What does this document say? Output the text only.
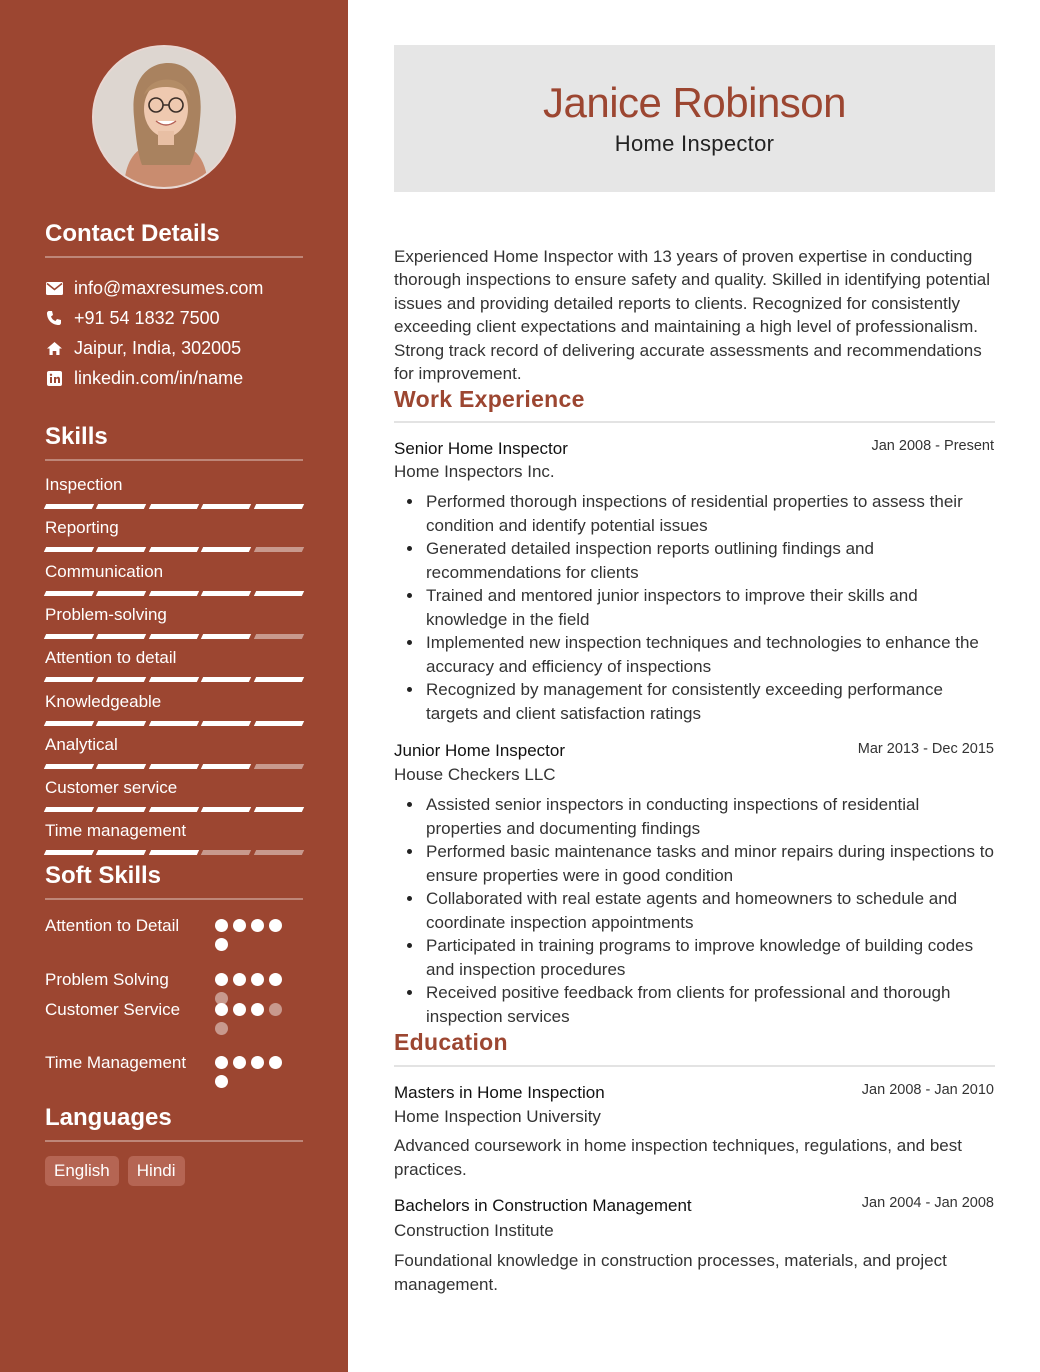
Contact Details
info@maxresumes.com
+91 54 1832 7500
Jaipur, India, 302005
linkedin.com/in/name
Skills
Inspection
Reporting
Communication
Problem-solving
Attention to detail
Knowledgeable
Analytical
Customer service
Time management
Soft Skills
Attention to Detail
Problem Solving
Customer Service
Time Management
Languages
English	Hindi
Janice Robinson
Home Inspector

Experienced Home Inspector with 13 years of proven expertise in conducting thorough inspections to ensure safety and quality. Skilled in identifying potential issues and providing detailed reports to clients. Recognized for consistently exceeding client expectations and maintaining a high level of professionalism. Strong track record of delivering accurate assessments and recommendations for improvement.

Work Experience
Senior Home Inspector	Jan 2008 - Present
Home Inspectors Inc.
Performed thorough inspections of residential properties to assess their condition and identify potential issues
Generated detailed inspection reports outlining findings and recommendations for clients
Trained and mentored junior inspectors to improve their skills and knowledge in the field
Implemented new inspection techniques and technologies to enhance the accuracy and efficiency of inspections
Recognized by management for consistently exceeding performance targets and client satisfaction ratings
Junior Home Inspector	Mar 2013 - Dec 2015
House Checkers LLC
Assisted senior inspectors in conducting inspections of residential properties and documenting findings
Performed basic maintenance tasks and minor repairs during inspections to ensure properties were in good condition
Collaborated with real estate agents and homeowners to schedule and coordinate inspection appointments
Participated in training programs to improve knowledge of building codes and inspection procedures
Received positive feedback from clients for professional and thorough inspection services
Education
Masters in Home Inspection	Jan 2008 - Jan 2010
Home Inspection University

Advanced coursework in home inspection techniques, regulations, and best practices.

Bachelors in Construction Management	Jan 2004 - Jan 2008
Construction Institute

Foundational knowledge in construction processes, materials, and project management.
